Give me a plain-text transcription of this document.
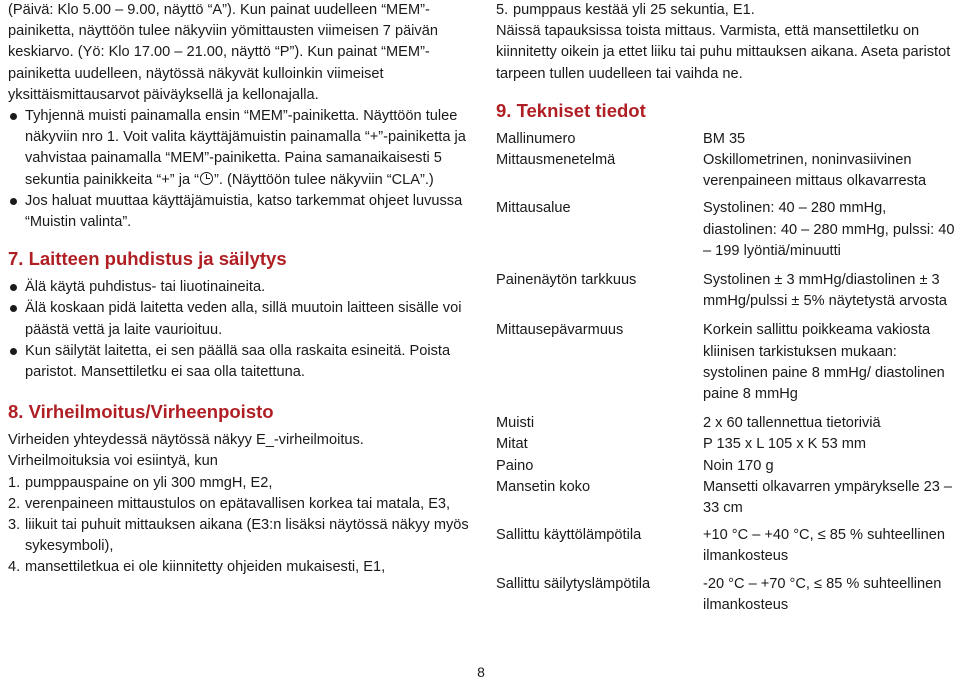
(Päivä: Klo 5.00 – 9.00, näyttö “A”). Kun painat uudelleen “MEM”-painiketta, näyttöön tulee näkyviin yömittausten viimeisen 7 päivän keskiarvo. (Yö: Klo 17.00 – 21.00, näyttö “P”). Kun painat “MEM”-painiketta uudelleen, näytössä näkyvät kulloinkin viimeiset yksittäismittausarvot päiväyksellä ja kellonajalla.

Tyhjennä muisti painamalla ensin “MEM”-painiketta. Näyttöön tulee näkyviin nro 1. Voit valita käyttäjämuistin painamalla “+”-painiketta ja vahvistaa painamalla “MEM”-painiketta. Paina samanaikaisesti 5 sekuntia painikkeita “+” ja “ ”. (Näyttöön tulee näkyviin “CLA”.)

Jos haluat muuttaa käyttäjämuistia, katso tarkemmat ohjeet luvussa “Muistin valinta”.

7. Laitteen puhdistus ja säilytys

Älä käytä puhdistus- tai liuotinaineita.

Älä koskaan pidä laitetta veden alla, sillä muutoin laitteen sisälle voi päästä vettä ja laite vaurioituu.

Kun säilytät laitetta, ei sen päällä saa olla raskaita esineitä. Poista paristot. Mansettiletku ei saa olla taitettuna.

8. Virheilmoitus/Virheenpoisto

Virheiden yhteydessä näytössä näkyy E_-virheilmoitus.

Virheilmoituksia voi esiintyä, kun

1. pumppauspaine on yli 300 mmgH, E2,

2. verenpaineen mittaustulos on epätavallisen korkea tai matala, E3,

3. liikuit tai puhuit mittauksen aikana (E3:n lisäksi näytössä näkyy myös sykesymboli),

4. mansettiletkua ei ole kiinnitetty ohjeiden mukaisesti, E1,

5. pumppaus kestää yli 25 sekuntia, E1.

Näissä tapauksissa toista mittaus. Varmista, että mansettiletku on kiinnitetty oikein ja ettet liiku tai puhu mittauksen aikana. Aseta paristot tarpeen tullen uudelleen tai vaihda ne.

9. Tekniset tiedot
Mallinumero	BM 35
Mittausmenetelmä	Oskillometrinen, noninvasiivinen verenpaineen mittaus olkavarresta
Mittausalue	Systolinen: 40 – 280 mmHg, diastolinen: 40 – 280 mmHg, pulssi: 40 – 199 lyöntiä/minuutti
Painenäytön tarkkuus	Systolinen ± 3 mmHg/diastolinen ± 3 mmHg/pulssi ± 5% näytetystä arvosta
Mittausepävarmuus	Korkein sallittu poikkeama vakiosta kliinisen tarkistuksen mukaan: systolinen paine 8 mmHg/ diastolinen paine 8 mmHg
Muisti	2 x 60 tallennettua tietoriviä
Mitat	P 135 x L 105 x K 53 mm
Paino	Noin 170 g
Mansetin koko	Mansetti olkavarren ympärykselle 23 – 33 cm
Sallittu käyttölämpötila	+10 °C – +40 °C, ≤ 85 % suhteellinen ilmankosteus
Sallittu säilytyslämpötila	-20 °C – +70 °C, ≤ 85 % suhteellinen ilmankosteus
8
